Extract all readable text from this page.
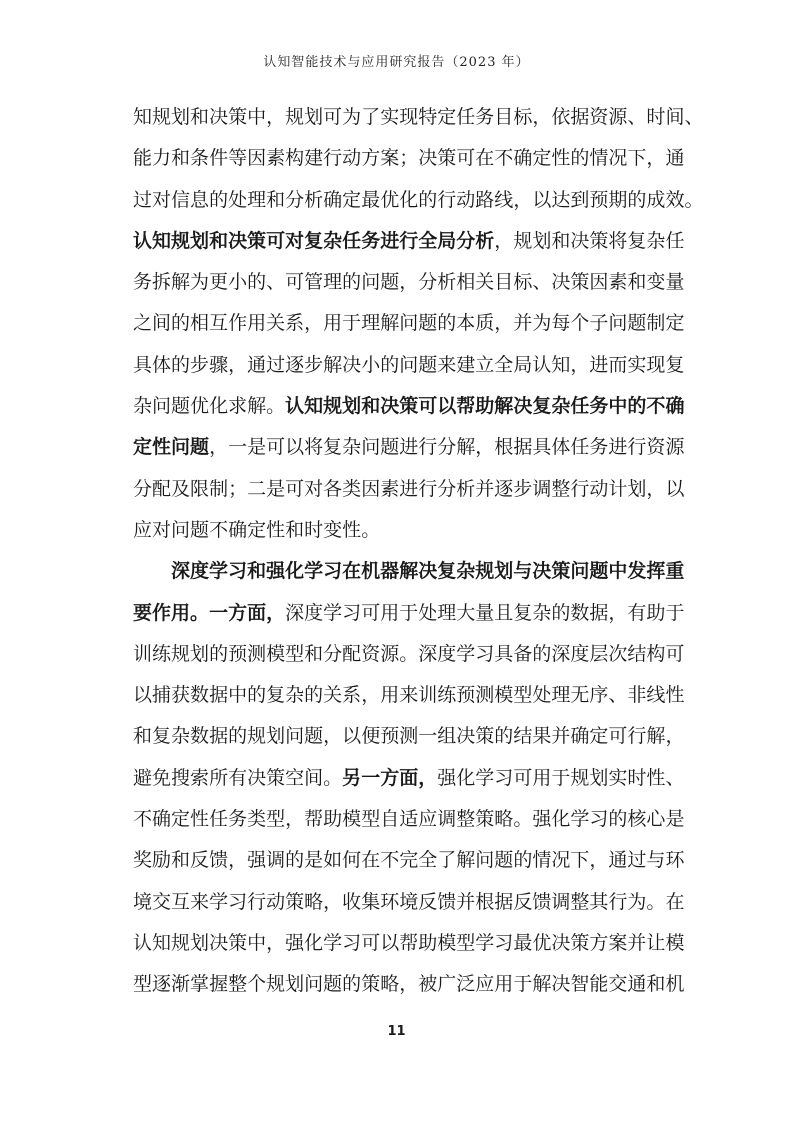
认知智能技术与应用研究报告（2023 年）
知 规 划 和 决 策 中 ， 规 划 可 为 了 实 现 特 定 任 务 目 标 ， 依 据 资 源 、 时 间 、
能 力 和 条 件 等 因 素 构 建 行 动 方 案 ； 决 策 可 在 不 确 定 性 的 情 况 下 ， 通
过 对 信 息 的 处 理 和 分 析 确 定 最 优 化 的 行 动 路 线 ， 以 达 到 预 期 的 成 效 。
认 知 规 划 和 决 策 可 对 复 杂 任 务 进 行 全 局 分 析 ， 规 划 和 决 策 将 复 杂 任
务 拆 解 为 更 小 的 、 可 管 理 的 问 题 ， 分 析 相 关 目 标 、 决 策 因 素 和 变 量
之 间 的 相 互 作 用 关 系 ， 用 于 理 解 问 题 的 本 质 ， 并 为 每 个 子 问 题 制 定
具 体 的 步 骤 ， 通 过 逐 步 解 决 小 的 问 题 来 建 立 全 局 认 知 ， 进 而 实 现 复
杂 问 题 优 化 求 解 。 认 知 规 划 和 决 策 可 以 帮 助 解 决 复 杂 任 务 中 的 不 确
定 性 问 题 ， 一 是 可 以 将 复 杂 问 题 进 行 分 解 ， 根 据 具 体 任 务 进 行 资 源
分 配 及 限 制 ； 二 是 可 对 各 类 因 素 进 行 分 析 并 逐 步 调 整 行 动 计 划 ， 以
应 对 问 题 不 确 定 性 和 时 变 性 。
深 度 学 习 和 强 化 学 习 在 机 器 解 决 复 杂 规 划 与 决 策 问 题 中 发 挥 重
要 作 用 。 一 方 面 ， 深 度 学 习 可 用 于 处 理 大 量 且 复 杂 的 数 据 ， 有 助 于
训 练 规 划 的 预 测 模 型 和 分 配 资 源 。 深 度 学 习 具 备 的 深 度 层 次 结 构 可
以 捕 获 数 据 中 的 复 杂 的 关 系 ， 用 来 训 练 预 测 模 型 处 理 无 序 、 非 线 性
和 复 杂 数 据 的 规 划 问 题 ， 以 便 预 测 一 组 决 策 的 结 果 并 确 定 可 行 解 ，
避 免 搜 索 所 有 决 策 空 间 。 另 一 方 面 ， 强 化 学 习 可 用 于 规 划 实 时 性 、
不 确 定 性 任 务 类 型 ， 帮 助 模 型 自 适 应 调 整 策 略 。 强 化 学 习 的 核 心 是
奖 励 和 反 馈 ， 强 调 的 是 如 何 在 不 完 全 了 解 问 题 的 情 况 下 ， 通 过 与 环
境 交 互 来 学 习 行 动 策 略 ， 收 集 环 境 反 馈 并 根 据 反 馈 调 整 其 行 为 。 在
认 知 规 划 决 策 中 ， 强 化 学 习 可 以 帮 助 模 型 学 习 最 优 决 策 方 案 并 让 模
型 逐 渐 掌 握 整 个 规 划 问 题 的 策 略 ， 被 广 泛 应 用 于 解 决 智 能 交 通 和 机
11
